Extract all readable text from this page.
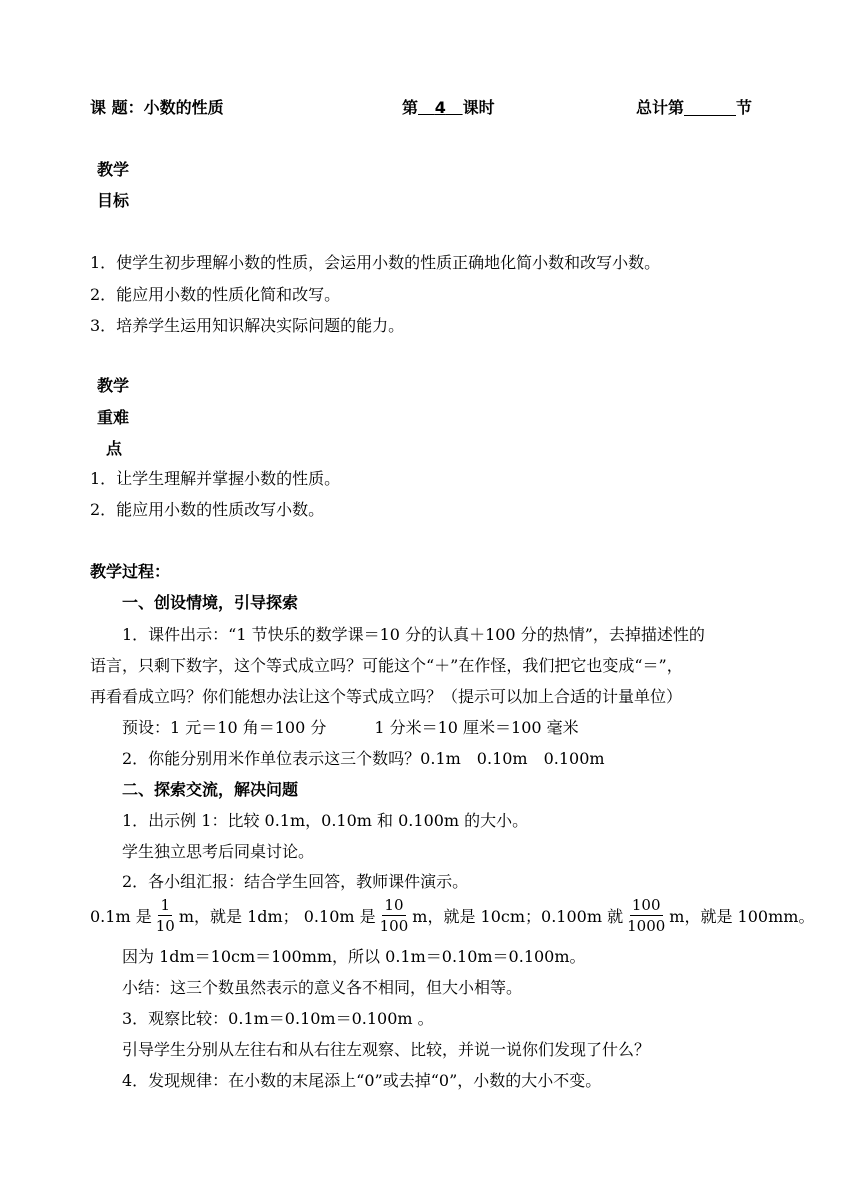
课 题：小数的性质	第 4 课时	总计第	节
教学
目标
1．使学生初步理解小数的性质，会运用小数的性质正确地化简小数和改写小数。
2．能应用小数的性质化简和改写。
3．培养学生运用知识解决实际问题的能力。
教学
重难
点
1．让学生理解并掌握小数的性质。
2．能应用小数的性质改写小数。
教学过程：
一、创设情境，引导探索
1．课件出示：“1 节快乐的数学课＝10 分的认真＋100 分的热情”，去掉描述性的
语言，只剩下数字，这个等式成立吗？可能这个“＋”在作怪，我们把它也变成“＝”，
再看看成立吗？你们能想办法让这个等式成立吗？（提示可以加上合适的计量单位）
预设：1 元＝10 角＝100 分　　　1 分米＝10 厘米＝100 毫米
2．你能分别用米作单位表示这三个数吗？0.1m　0.10m　0.100m
二、探索交流，解决问题
1．出示例 1：比较 0.1m，0.10m 和 0.100m 的大小。
学生独立思考后同桌讨论。
2．各小组汇报：结合学生回答，教师课件演示。
0.1m 是 $\frac{1}{10}$ m，就是 1dm； 0.10m 是 $\frac{10}{100}$ m，就是 10cm；0.100m 就 $\frac{100}{1000}$ m，就是 100mm。
因为 1dm＝10cm＝100mm，所以 0.1m＝0.10m＝0.100m。
小结：这三个数虽然表示的意义各不相同，但大小相等。
3．观察比较：0.1m＝0.10m＝0.100m 。
引导学生分别从左往右和从右往左观察、比较，并说一说你们发现了什么？
4．发现规律：在小数的末尾添上“0”或去掉“0”，小数的大小不变。
